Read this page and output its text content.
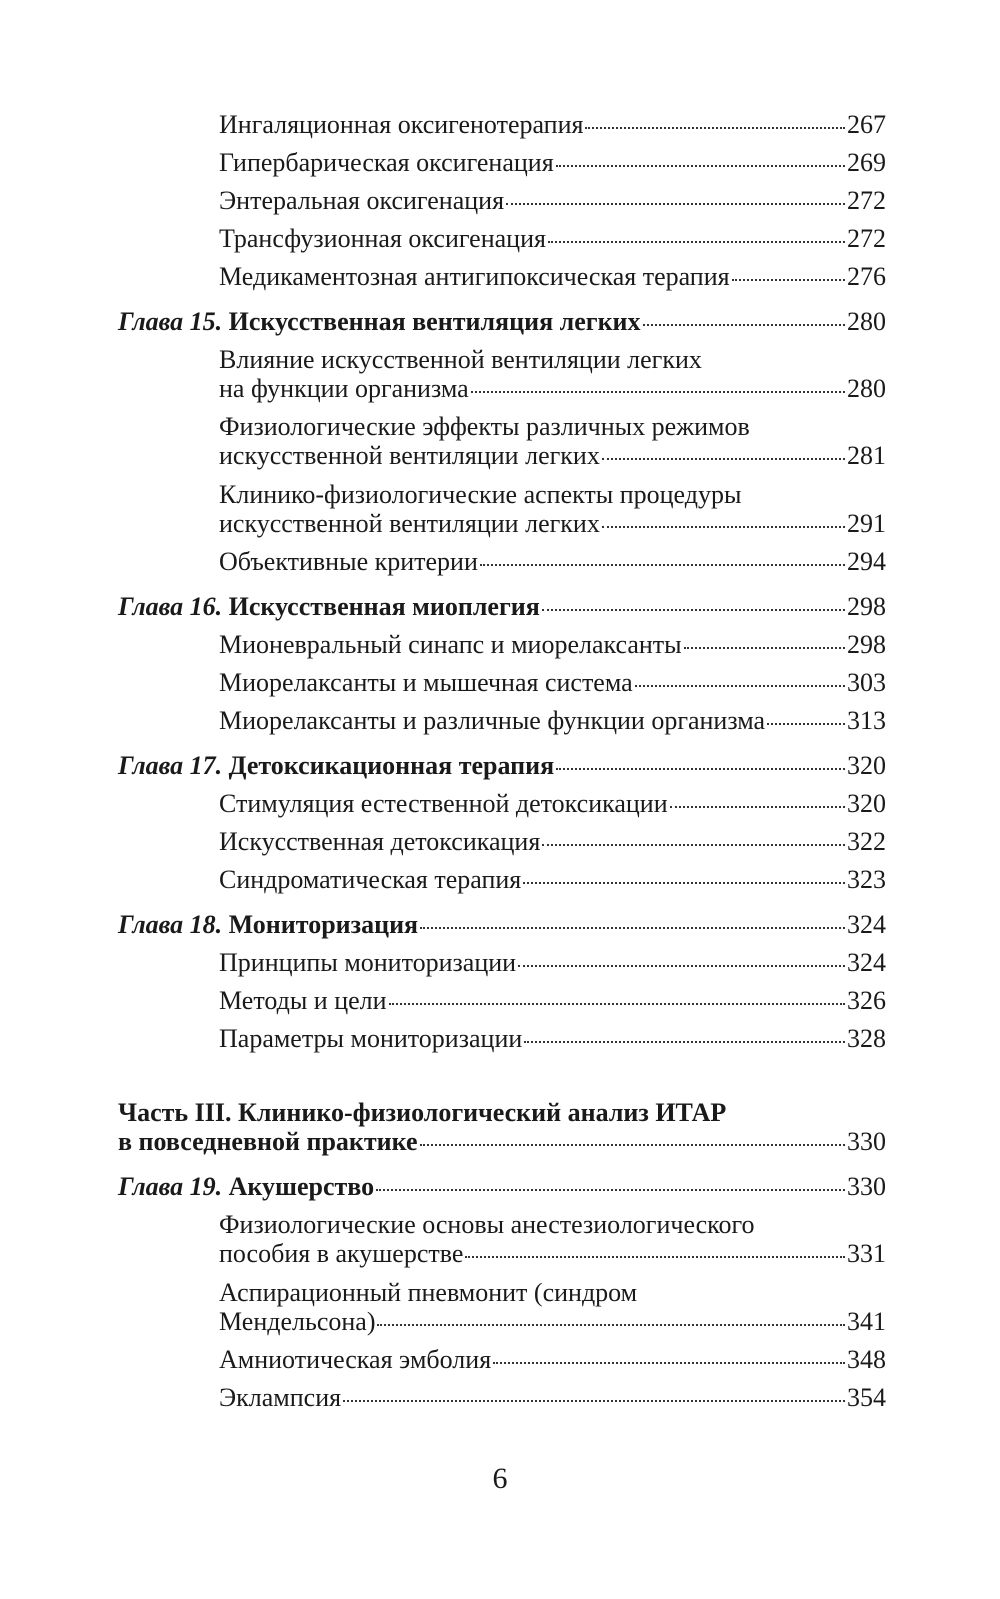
Ингаляционная оксигенотерапия	267
Гипербарическая оксигенация	269
Энтеральная оксигенация	272
Трансфузионная оксигенация	272
Медикаментозная антигипоксическая терапия	276
Глава 15. Искусственная вентиляция легких	280
Влияние искусственной вентиляции легких
на функции организма	280
Физиологические эффекты различных режимов
искусственной вентиляции легких	281
Клинико-физиологические аспекты процедуры
искусственной вентиляции легких	291
Объективные критерии	294
Глава 16. Искусственная миоплегия	298
Мионевральный синапс и миорелаксанты	298
Миорелаксанты и мышечная система	303
Миорелаксанты и различные функции организма	313
Глава 17. Детоксикационная терапия	320
Стимуляция естественной детоксикации	320
Искусственная детоксикация	322
Синдроматическая терапия	323
Глава 18. Мониторизация	324
Принципы мониторизации	324
Методы и цели	326
Параметры мониторизации	328
Часть III. Клинико-физиологический анализ ИТАР
в повседневной практике	330
Глава 19. Акушерство	330
Физиологические основы анестезиологического
пособия в акушерстве	331
Аспирационный пневмонит (синдром
Мендельсона)	341
Амниотическая эмболия	348
Эклампсия	354
6
